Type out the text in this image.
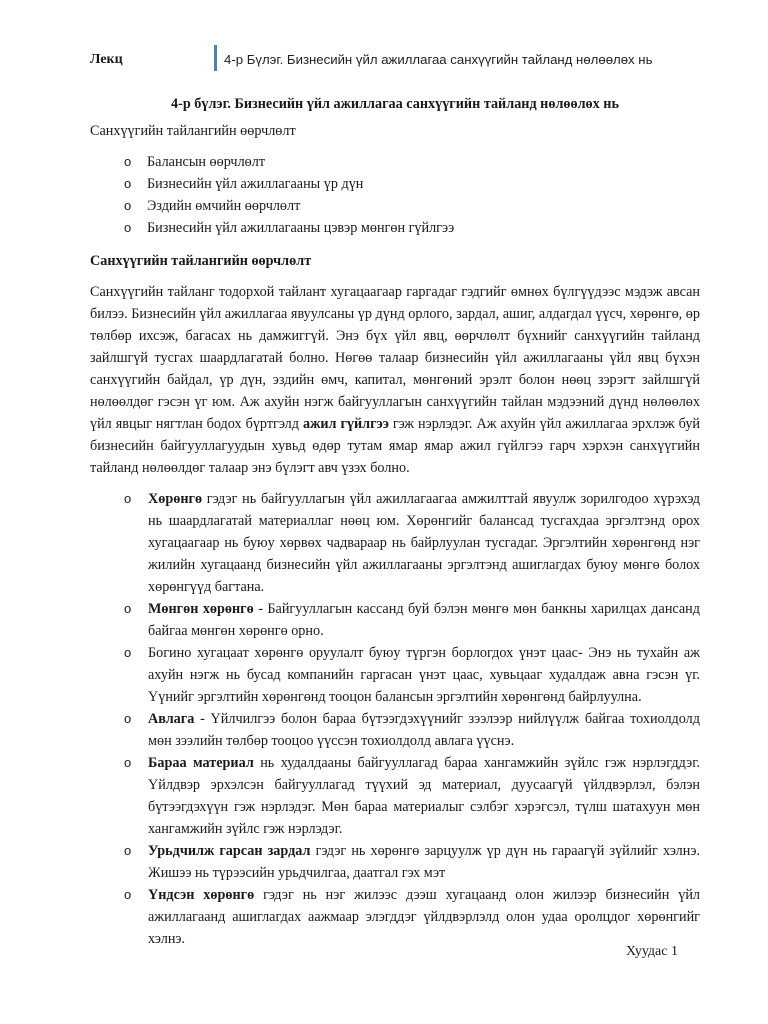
Лекц	4-р Бүлэг. Бизнесийн үйл ажиллагаа санхүүгийн тайланд нөлөөлөх нь

4-р бүлэг. Бизнесийн үйл ажиллагаа санхүүгийн тайланд нөлөөлөх нь

Санхүүгийн тайлангийн өөрчлөлт

o Балансын өөрчлөлт
o Бизнесийн үйл ажиллагааны үр дүн
o Эздийн өмчийн өөрчлөлт
o Бизнесийн үйл ажиллагааны цэвэр мөнгөн гүйлгээ

Санхүүгийн тайлангийн өөрчлөлт

Санхүүгийн тайланг тодорхой тайлант хугацаагаар гаргадаг гэдгийг өмнөх бүлгүүдээс мэдэж авсан билээ. Бизнесийн үйл ажиллагаа явуулсаны үр дүнд орлого, зардал, ашиг, алдагдал үүсч, хөрөнгө, өр төлбөр ихсэж, багасах нь дамжиггүй. Энэ бүх үйл явц, өөрчлөлт бүхнийг санхүүгийн тайланд зайлшгүй тусгах шаардлагатай болно. Нөгөө талаар бизнесийн үйл ажиллагааны үйл явц бүхэн санхүүгийн байдал, үр дүн, эздийн өмч, капитал, мөнгөний эрэлт болон нөөц зэрэгт зайлшгүй нөлөөлдөг гэсэн үг юм. Аж ахуйн нэгж байгууллагын санхүүгийн тайлан мэдээний дүнд нөлөөлөх үйл явцыг нягтлан бодох бүртгэлд ажил гүйлгээ гэж нэрлэдэг. Аж ахуйн үйл ажиллагаа эрхлэж буй бизнесийн байгууллагуудын хувьд өдөр тутам ямар ямар ажил гүйлгээ гарч хэрхэн санхүүгийн тайланд нөлөөлдөг талаар энэ бүлэгт авч үзэх болно.

o Хөрөнгө гэдэг нь байгууллагын үйл ажиллагаагаа амжилттай явуулж зорилгодоо хүрэхэд нь шаардлагатай материаллаг нөөц юм. Хөрөнгийг балансад тусгахдаа эргэлтэнд орох хугацаагаар нь буюу хөрвөх чадвараар нь байрлуулан тусгадаг. Эргэлтийн хөрөнгөнд нэг жилийн хугацаанд бизнесийн үйл ажиллагааны эргэлтэнд ашиглагдах буюу мөнгө болох хөрөнгүүд багтана.
o Мөнгөн хөрөнгө - Байгууллагын кассанд буй бэлэн мөнгө мөн банкны харилцах дансанд байгаа мөнгөн хөрөнгө орно.
o Богино хугацаат хөрөнгө оруулалт буюу түргэн борлогдох үнэт цаас- Энэ нь тухайн аж ахуйн нэгж нь бусад компанийн гаргасан үнэт цаас, хувьцааг худалдаж авна гэсэн үг. Үүнийг эргэлтийн хөрөнгөнд тооцон балансын эргэлтийн хөрөнгөнд байрлуулна.
o Авлага - Үйлчилгээ болон бараа бүтээгдэхүүнийг зээлээр нийлүүлж байгаа тохиолдолд мөн зээлийн төлбөр тооцоо үүссэн тохиолдолд авлага үүснэ.
o Бараа материал нь худалдааны байгууллагад бараа хангамжийн зүйлс гэж нэрлэгддэг. Үйлдвэр эрхэлсэн байгууллагад түүхий эд материал, дуусаагүй үйлдвэрлэл, бэлэн бүтээгдэхүүн гэж нэрлэдэг. Мөн бараа материалыг сэлбэг хэрэгсэл, түлш шатахуун мөн хангамжийн зүйлс гэж нэрлэдэг.
o Урьдчилж гарсан зардал гэдэг нь хөрөнгө зарцуулж үр дүн нь гараагүй зүйлийг хэлнэ. Жишээ нь түрээсийн урьдчилгаа, даатгал гэх мэт
o Үндсэн хөрөнгө гэдэг нь нэг жилээс дээш хугацаанд олон жилээр бизнесийн үйл ажиллагаанд ашиглагдах аажмаар элэгддэг үйлдвэрлэлд олон удаа оролцдог хөрөнгийг хэлнэ.
Хуудас 1
